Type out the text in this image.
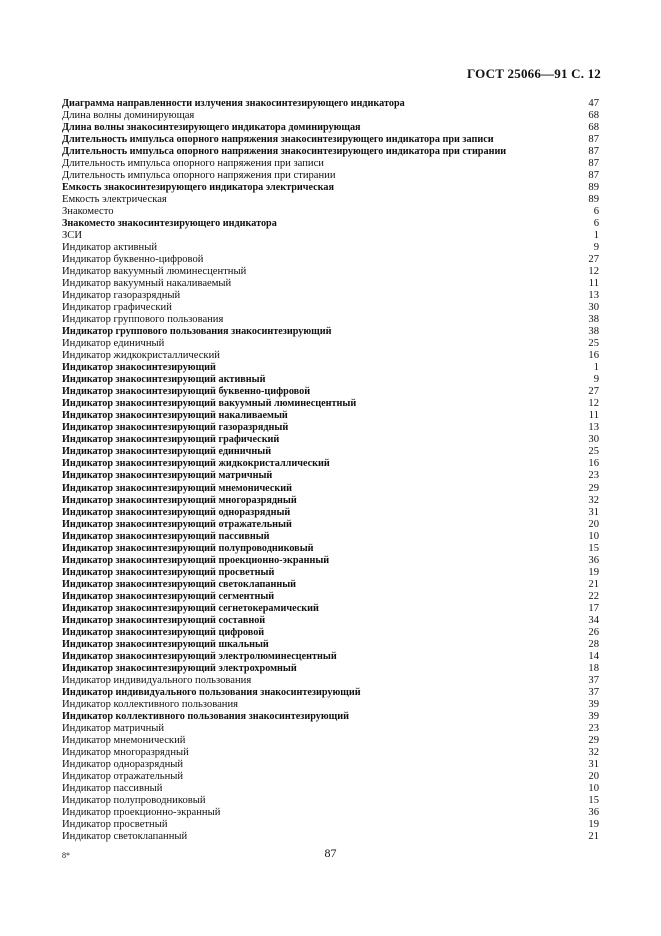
ГОСТ 25066—91 С. 12
Диаграмма направленности излучения знакосинтезирующего индикатора	47
Длина волны доминирующая	68
Длина волны знакосинтезирующего индикатора доминирующая	68
Длительность импульса опорного напряжения знакосинтезирующего индикатора при записи	87
Длительность импульса опорного напряжения знакосинтезирующего индикатора при стирании	87
Длительность импульса опорного напряжения при записи	87
Длительность импульса опорного напряжения при стирании	87
Емкость знакосинтезирующего индикатора электрическая	89
Емкость электрическая	89
Знакоместо	6
Знакоместо знакосинтезирующего индикатора	6
ЗСИ	1
Индикатор активный	9
Индикатор буквенно-цифровой	27
Индикатор вакуумный люминесцентный	12
Индикатор вакуумный накаливаемый	11
Индикатор газоразрядный	13
Индикатор графический	30
Индикатор группового пользования	38
Индикатор группового пользования знакосинтезирующий	38
Индикатор единичный	25
Индикатор жидкокристаллический	16
Индикатор знакосинтезирующий	1
Индикатор знакосинтезирующий активный	9
Индикатор знакосинтезирующий буквенно-цифровой	27
Индикатор знакосинтезирующий вакуумный люминесцентный	12
Индикатор знакосинтезирующий накаливаемый	11
Индикатор знакосинтезирующий газоразрядный	13
Индикатор знакосинтезирующий графический	30
Индикатор знакосинтезирующий единичный	25
Индикатор знакосинтезирующий жидкокристаллический	16
Индикатор знакосинтезирующий матричный	23
Индикатор знакосинтезирующий мнемонический	29
Индикатор знакосинтезирующий многоразрядный	32
Индикатор знакосинтезирующий одноразрядный	31
Индикатор знакосинтезирующий отражательный	20
Индикатор знакосинтезирующий пассивный	10
Индикатор знакосинтезирующий полупроводниковый	15
Индикатор знакосинтезирующий проекционно-экранный	36
Индикатор знакосинтезирующий просветный	19
Индикатор знакосинтезирующий светоклапанный	21
Индикатор знакосинтезирующий сегментный	22
Индикатор знакосинтезирующий сегнетокерамический	17
Индикатор знакосинтезирующий составной	34
Индикатор знакосинтезирующий цифровой	26
Индикатор знакосинтезирующий шкальный	28
Индикатор знакосинтезирующий электролюминесцентный	14
Индикатор знакосинтезирующий электрохромный	18
Индикатор индивидуального пользования	37
Индикатор индивидуального пользования знакосинтезирующий	37
Индикатор коллективного пользования	39
Индикатор коллективного пользования знакосинтезирующий	39
Индикатор матричный	23
Индикатор мнемонический	29
Индикатор многоразрядный	32
Индикатор одноразрядный	31
Индикатор отражательный	20
Индикатор пассивный	10
Индикатор полупроводниковый	15
Индикатор проекционно-экранный	36
Индикатор просветный	19
Индикатор светоклапанный	21
8*	87
